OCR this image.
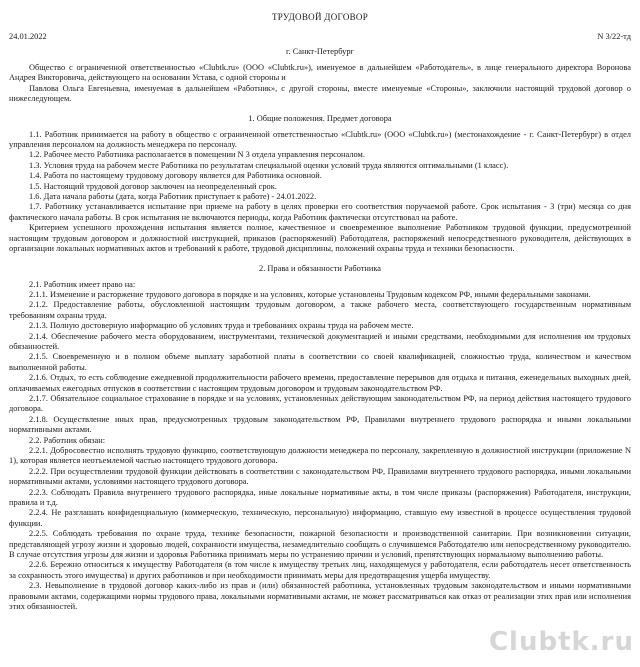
ТРУДОВОЙ ДОГОВОР
24.01.2022	N 3/22-тд
г. Санкт-Петербург

Общество с ограниченной ответственностью «Clubtk.ru» (ООО «Clubtk.ru»), именуемое в дальнейшем «Работодатель», в лице генерального директора Воронова Андрея Викторовича, действующего на основании Устава, с одной стороны и

Павлова Ольга Евгеньевна, именуемая в дальнейшем «Работник», с другой стороны, вместе именуемые «Стороны», заключили настоящий трудовой договор о нижеследующем.

1. Общие положения. Предмет договора

1.1. Работник принимается на работу в общество с ограниченной ответственностью «Clubtk.ru» (ООО «Clubtk.ru») (местонахождение - г. Санкт-Петербург) в отдел управления персоналом на должность менеджера по персоналу.

1.2. Рабочее место Работника располагается в помещении N 3 отдела управления персоналом.

1.3. Условия труда на рабочем месте Работника по результатам специальной оценки условий труда являются оптимальными (1 класс).

1.4. Работа по настоящему трудовому договору является для Работника основной.

1.5. Настоящий трудовой договор заключен на неопределенный срок.

1.6. Дата начала работы (дата, когда Работник приступает к работе) - 24.01.2022.

1.7. Работнику устанавливается испытание при приеме на работу в целях проверки его соответствия поручаемой работе. Срок испытания - 3 (три) месяца со дня фактического начала работы. В срок испытания не включаются периоды, когда Работник фактически отсутствовал на работе.

Критерием успешного прохождения испытания является полное, качественное и своевременное выполнение Работником трудовой функции, предусмотренной настоящим трудовым договором и должностной инструкцией, приказов (распоряжений) Работодателя, распоряжений непосредственного руководителя, действующих в организации локальных нормативных актов и требований к работе, трудовой дисциплины, положений охраны труда и техники безопасности.

2. Права и обязанности Работника

2.1. Работник имеет право на:

2.1.1. Изменение и расторжение трудового договора в порядке и на условиях, которые установлены Трудовым кодексом РФ, иными федеральными законами.

2.1.2. Предоставление работы, обусловленной настоящим трудовым договором, а также рабочего места, соответствующего государственным нормативным требованиям охраны труда.

2.1.3. Полную достоверную информацию об условиях труда и требованиях охраны труда на рабочем месте.

2.1.4. Обеспечение рабочего места оборудованием, инструментами, технической документацией и иными средствами, необходимыми для исполнения им трудовых обязанностей.

2.1.5. Своевременную и в полном объеме выплату заработной платы в соответствии со своей квалификацией, сложностью труда, количеством и качеством выполненной работы.

2.1.6. Отдых, то есть соблюдение ежедневной продолжительности рабочего времени, предоставление перерывов для отдыха и питания, еженедельных выходных дней, оплачиваемых ежегодных отпусков в соответствии с настоящим трудовым договором и трудовым законодательством РФ.

2.1.7. Обязательное социальное страхование в порядке и на условиях, установленных действующим законодательством РФ, на период действия настоящего трудового договора.

2.1.8. Осуществление иных прав, предусмотренных трудовым законодательством РФ, Правилами внутреннего трудового распорядка и иными локальными нормативными актами.

2.2. Работник обязан:

2.2.1. Добросовестно исполнять трудовую функцию, соответствующую должности менеджера по персоналу, закрепленную в должностной инструкции (приложение N 1), которая является неотъемлемой частью настоящего трудового договора.

2.2.2. При осуществлении трудовой функции действовать в соответствии с законодательством РФ, Правилами внутреннего трудового распорядка, иными локальными нормативными актами, условиями настоящего трудового договора.

2.2.3. Соблюдать Правила внутреннего трудового распорядка, иные локальные нормативные акты, в том числе приказы (распоряжения) Работодателя, инструкции, правила и т.д.

2.2.4. Не разглашать конфиденциальную (коммерческую, техническую, персональную) информацию, ставшую ему известной в процессе осуществления трудовой функции.

2.2.5. Соблюдать требования по охране труда, технике безопасности, пожарной безопасности и производственной санитарии. При возникновении ситуации, представляющей угрозу жизни и здоровью людей, сохранности имущества, незамедлительно сообщать о случившемся Работодателю или непосредственному руководителю. В случае отсутствия угрозы для жизни и здоровья Работника принимать меры по устранению причин и условий, препятствующих нормальному выполнению работы.

2.2.6. Бережно относиться к имуществу Работодателя (в том числе к имуществу третьих лиц, находящемуся у работодателя, если работодатель несет ответственность за сохранность этого имущества) и других работников и при необходимости принимать меры для предотвращения ущерба имуществу.

2.3. Невыполнение в трудовой договор каких-либо из прав и (или) обязанностей работника, установленных трудовым законодательством и иными нормативными правовыми актами, содержащими нормы трудового права, локальными нормативными актами, не может рассматриваться как отказ от реализации этих прав или исполнения этих обязанностей.

Clubtk.ru
